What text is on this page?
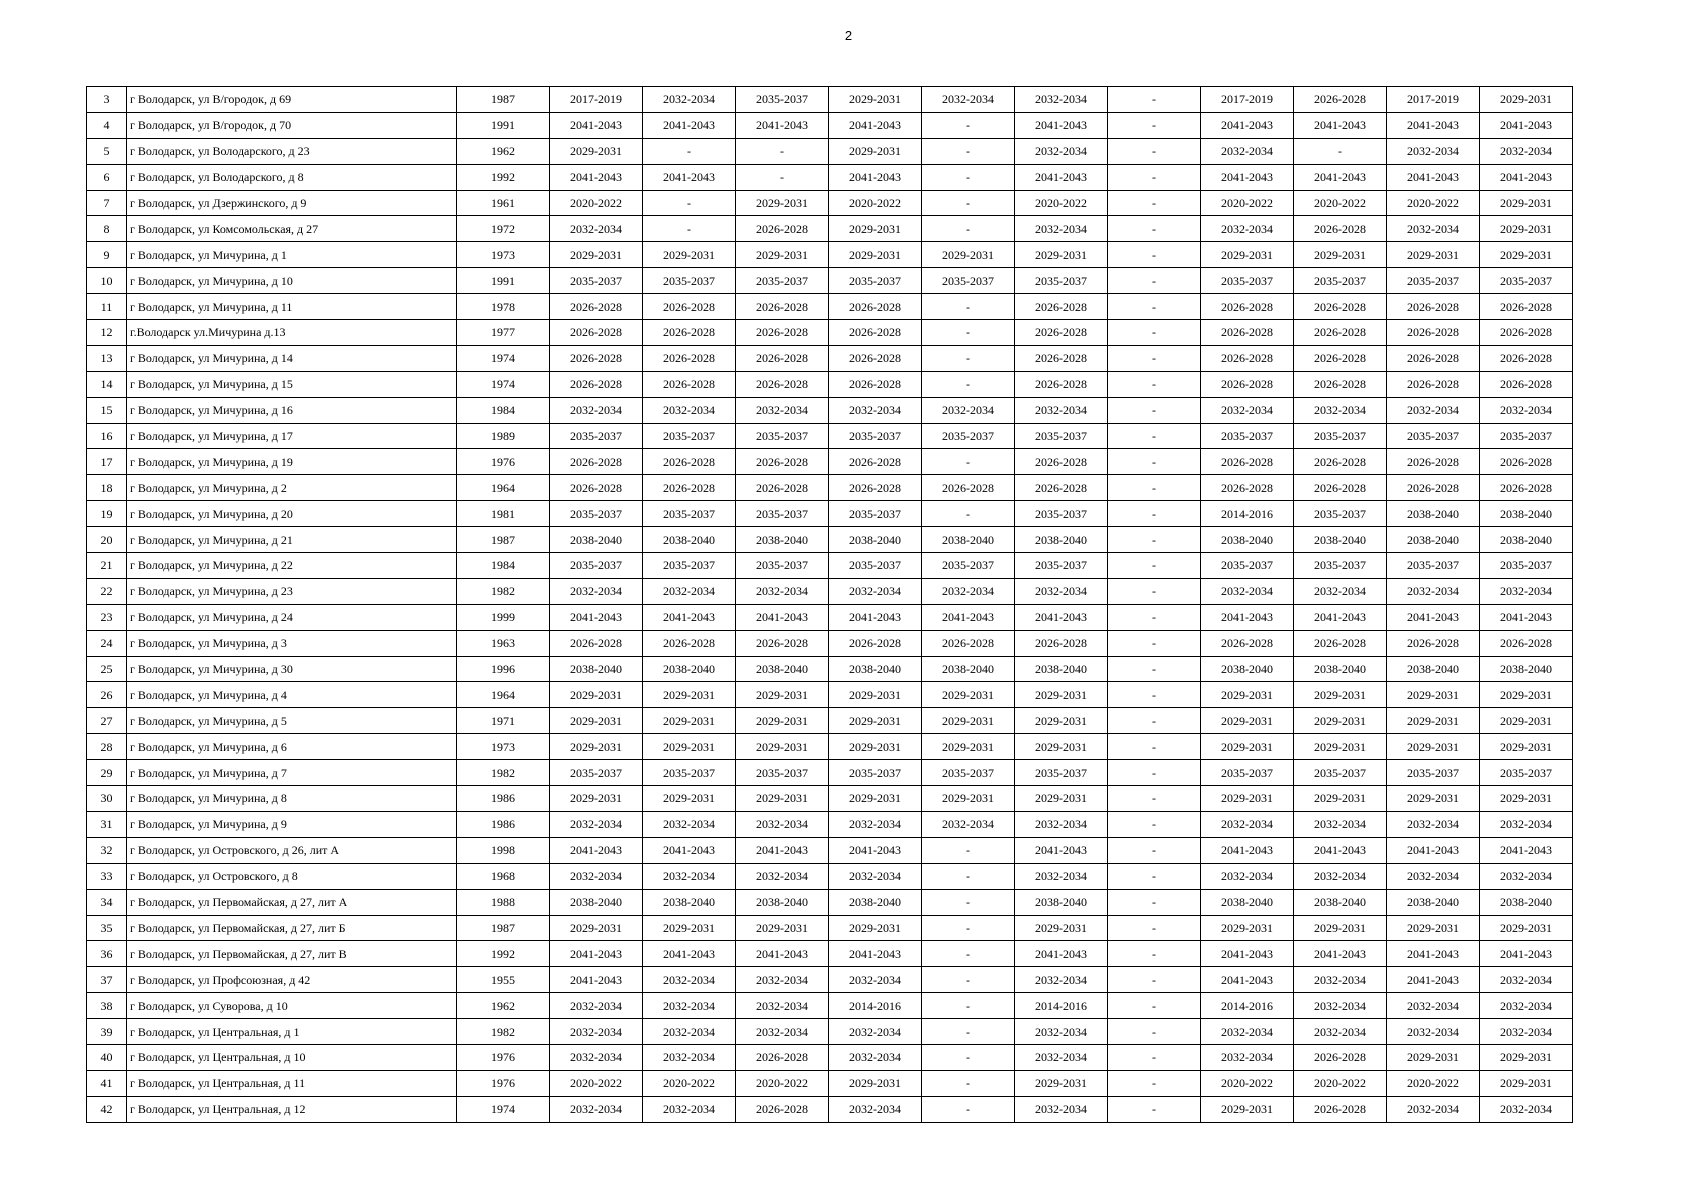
2
3	г Володарск, ул В/городок, д 69	1987	2017-2019	2032-2034	2035-2037	2029-2031	2032-2034	2032-2034	-	2017-2019	2026-2028	2017-2019	2029-2031
4	г Володарск, ул В/городок, д 70	1991	2041-2043	2041-2043	2041-2043	2041-2043	-	2041-2043	-	2041-2043	2041-2043	2041-2043	2041-2043
5	г Володарск, ул Володарского, д 23	1962	2029-2031	-	-	2029-2031	-	2032-2034	-	2032-2034	-	2032-2034	2032-2034
6	г Володарск, ул Володарского, д 8	1992	2041-2043	2041-2043	-	2041-2043	-	2041-2043	-	2041-2043	2041-2043	2041-2043	2041-2043
7	г Володарск, ул Дзержинского, д 9	1961	2020-2022	-	2029-2031	2020-2022	-	2020-2022	-	2020-2022	2020-2022	2020-2022	2029-2031
8	г Володарск, ул Комсомольская, д 27	1972	2032-2034	-	2026-2028	2029-2031	-	2032-2034	-	2032-2034	2026-2028	2032-2034	2029-2031
9	г Володарск, ул Мичурина, д 1	1973	2029-2031	2029-2031	2029-2031	2029-2031	2029-2031	2029-2031	-	2029-2031	2029-2031	2029-2031	2029-2031
10	г Володарск, ул Мичурина, д 10	1991	2035-2037	2035-2037	2035-2037	2035-2037	2035-2037	2035-2037	-	2035-2037	2035-2037	2035-2037	2035-2037
11	г Володарск, ул Мичурина, д 11	1978	2026-2028	2026-2028	2026-2028	2026-2028	-	2026-2028	-	2026-2028	2026-2028	2026-2028	2026-2028
12	г.Володарск ул.Мичурина д.13	1977	2026-2028	2026-2028	2026-2028	2026-2028	-	2026-2028	-	2026-2028	2026-2028	2026-2028	2026-2028
13	г Володарск, ул Мичурина, д 14	1974	2026-2028	2026-2028	2026-2028	2026-2028	-	2026-2028	-	2026-2028	2026-2028	2026-2028	2026-2028
14	г Володарск, ул Мичурина, д 15	1974	2026-2028	2026-2028	2026-2028	2026-2028	-	2026-2028	-	2026-2028	2026-2028	2026-2028	2026-2028
15	г Володарск, ул Мичурина, д 16	1984	2032-2034	2032-2034	2032-2034	2032-2034	2032-2034	2032-2034	-	2032-2034	2032-2034	2032-2034	2032-2034
16	г Володарск, ул Мичурина, д 17	1989	2035-2037	2035-2037	2035-2037	2035-2037	2035-2037	2035-2037	-	2035-2037	2035-2037	2035-2037	2035-2037
17	г Володарск, ул Мичурина, д 19	1976	2026-2028	2026-2028	2026-2028	2026-2028	-	2026-2028	-	2026-2028	2026-2028	2026-2028	2026-2028
18	г Володарск, ул Мичурина, д 2	1964	2026-2028	2026-2028	2026-2028	2026-2028	2026-2028	2026-2028	-	2026-2028	2026-2028	2026-2028	2026-2028
19	г Володарск, ул Мичурина, д 20	1981	2035-2037	2035-2037	2035-2037	2035-2037	-	2035-2037	-	2014-2016	2035-2037	2038-2040	2038-2040
20	г Володарск, ул Мичурина, д 21	1987	2038-2040	2038-2040	2038-2040	2038-2040	2038-2040	2038-2040	-	2038-2040	2038-2040	2038-2040	2038-2040
21	г Володарск, ул Мичурина, д 22	1984	2035-2037	2035-2037	2035-2037	2035-2037	2035-2037	2035-2037	-	2035-2037	2035-2037	2035-2037	2035-2037
22	г Володарск, ул Мичурина, д 23	1982	2032-2034	2032-2034	2032-2034	2032-2034	2032-2034	2032-2034	-	2032-2034	2032-2034	2032-2034	2032-2034
23	г Володарск, ул Мичурина, д 24	1999	2041-2043	2041-2043	2041-2043	2041-2043	2041-2043	2041-2043	-	2041-2043	2041-2043	2041-2043	2041-2043
24	г Володарск, ул Мичурина, д 3	1963	2026-2028	2026-2028	2026-2028	2026-2028	2026-2028	2026-2028	-	2026-2028	2026-2028	2026-2028	2026-2028
25	г Володарск, ул Мичурина, д 30	1996	2038-2040	2038-2040	2038-2040	2038-2040	2038-2040	2038-2040	-	2038-2040	2038-2040	2038-2040	2038-2040
26	г Володарск, ул Мичурина, д 4	1964	2029-2031	2029-2031	2029-2031	2029-2031	2029-2031	2029-2031	-	2029-2031	2029-2031	2029-2031	2029-2031
27	г Володарск, ул Мичурина, д 5	1971	2029-2031	2029-2031	2029-2031	2029-2031	2029-2031	2029-2031	-	2029-2031	2029-2031	2029-2031	2029-2031
28	г Володарск, ул Мичурина, д 6	1973	2029-2031	2029-2031	2029-2031	2029-2031	2029-2031	2029-2031	-	2029-2031	2029-2031	2029-2031	2029-2031
29	г Володарск, ул Мичурина, д 7	1982	2035-2037	2035-2037	2035-2037	2035-2037	2035-2037	2035-2037	-	2035-2037	2035-2037	2035-2037	2035-2037
30	г Володарск, ул Мичурина, д 8	1986	2029-2031	2029-2031	2029-2031	2029-2031	2029-2031	2029-2031	-	2029-2031	2029-2031	2029-2031	2029-2031
31	г Володарск, ул Мичурина, д 9	1986	2032-2034	2032-2034	2032-2034	2032-2034	2032-2034	2032-2034	-	2032-2034	2032-2034	2032-2034	2032-2034
32	г Володарск, ул Островского, д 26, лит А	1998	2041-2043	2041-2043	2041-2043	2041-2043	-	2041-2043	-	2041-2043	2041-2043	2041-2043	2041-2043
33	г Володарск, ул Островского, д 8	1968	2032-2034	2032-2034	2032-2034	2032-2034	-	2032-2034	-	2032-2034	2032-2034	2032-2034	2032-2034
34	г Володарск, ул Первомайская, д 27, лит А	1988	2038-2040	2038-2040	2038-2040	2038-2040	-	2038-2040	-	2038-2040	2038-2040	2038-2040	2038-2040
35	г Володарск, ул Первомайская, д 27, лит Б	1987	2029-2031	2029-2031	2029-2031	2029-2031	-	2029-2031	-	2029-2031	2029-2031	2029-2031	2029-2031
36	г Володарск, ул Первомайская, д 27, лит В	1992	2041-2043	2041-2043	2041-2043	2041-2043	-	2041-2043	-	2041-2043	2041-2043	2041-2043	2041-2043
37	г Володарск, ул Профсоюзная, д 42	1955	2041-2043	2032-2034	2032-2034	2032-2034	-	2032-2034	-	2041-2043	2032-2034	2041-2043	2032-2034
38	г Володарск, ул Суворова, д 10	1962	2032-2034	2032-2034	2032-2034	2014-2016	-	2014-2016	-	2014-2016	2032-2034	2032-2034	2032-2034
39	г Володарск, ул Центральная, д 1	1982	2032-2034	2032-2034	2032-2034	2032-2034	-	2032-2034	-	2032-2034	2032-2034	2032-2034	2032-2034
40	г Володарск, ул Центральная, д 10	1976	2032-2034	2032-2034	2026-2028	2032-2034	-	2032-2034	-	2032-2034	2026-2028	2029-2031	2029-2031
41	г Володарск, ул Центральная, д 11	1976	2020-2022	2020-2022	2020-2022	2029-2031	-	2029-2031	-	2020-2022	2020-2022	2020-2022	2029-2031
42	г Володарск, ул Центральная, д 12	1974	2032-2034	2032-2034	2026-2028	2032-2034	-	2032-2034	-	2029-2031	2026-2028	2032-2034	2032-2034
